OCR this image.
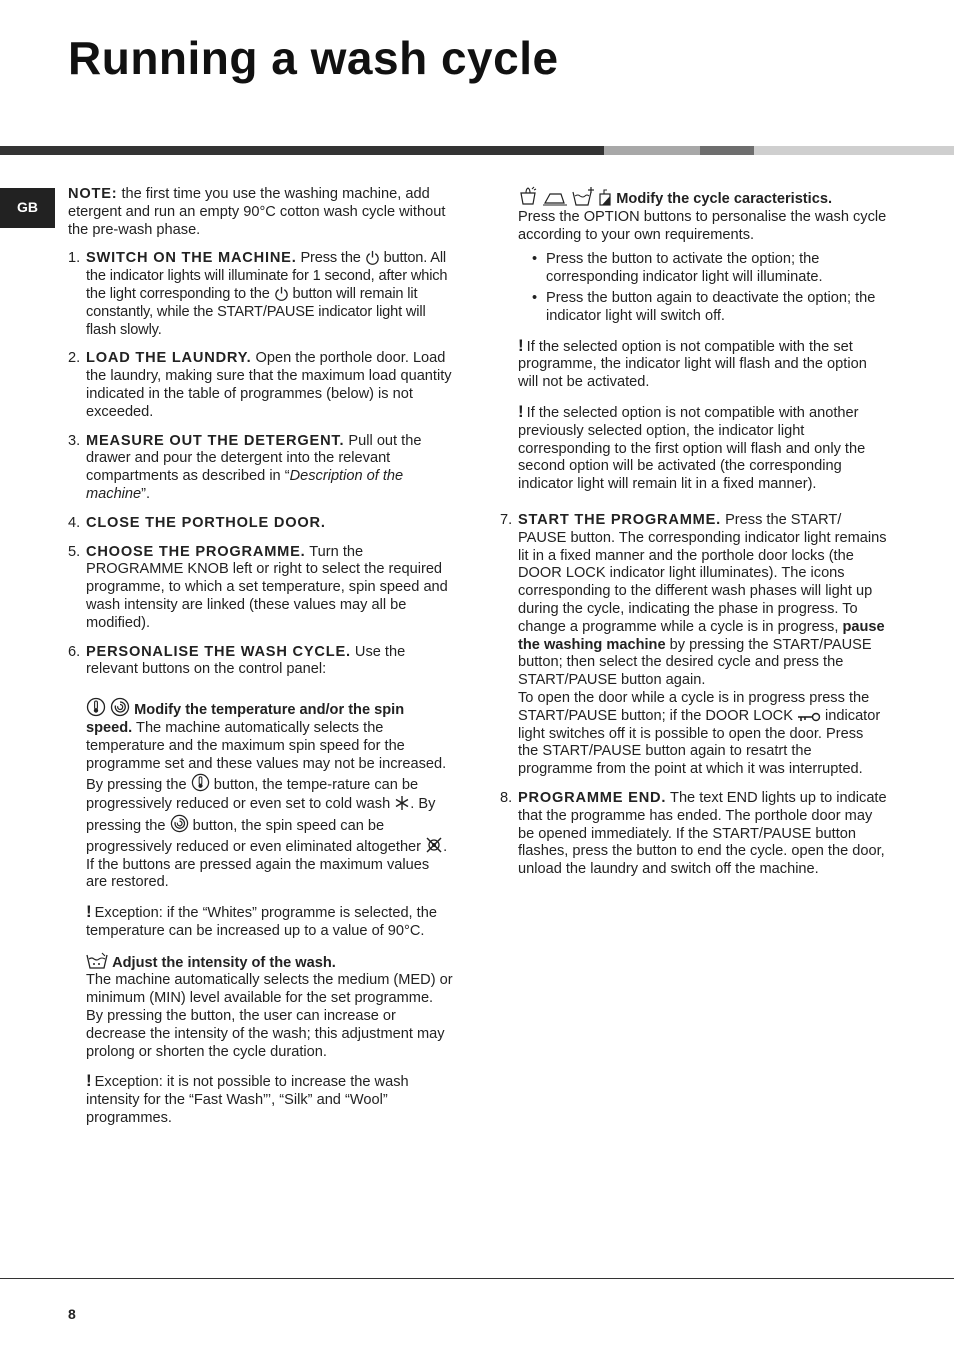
Running a wash cycle
GB

NOTE: the first time you use the washing machine, add etergent and run an empty 90°C cotton wash cycle without the pre-wash phase.

1. SWITCH ON THE MACHINE. Press the  button. All the indicator lights will illuminate for 1 second, after which the light corresponding to the  button will remain lit constantly, while the START/PAUSE indicator light will flash slowly.
2. LOAD THE LAUNDRY. Open the porthole door. Load the laundry, making sure that the maximum load quantity indicated in the table of programmes (below) is not exceeded.
3. MEASURE OUT THE DETERGENT. Pull out the drawer and pour the detergent into the relevant compartments as described in “Description of the machine”.
4. CLOSE THE PORTHOLE DOOR.
5. CHOOSE THE PROGRAMME. Turn the PROGRAMME KNOB left or right to select the required programme, to which a set temperature, spin speed and wash intensity are linked (these values may all be modified).
6. PERSONALISE THE WASH CYCLE. Use the relevant buttons on the control panel:

Modify the temperature and/or the spin speed. The machine automatically selects the temperature and the maximum spin speed for the programme set and these values may not be increased. By pressing the  button, the tempe-rature can be progressively reduced or even set to cold wash . By pressing the  button, the spin speed can be progressively reduced or even eliminated altogether . If the buttons are pressed again the maximum values are restored.

! Exception: if the “Whites” programme is selected, the temperature can be increased up to a value of 90°C.

Adjust the intensity of the wash.
The machine automatically selects the medium (MED) or minimum (MIN) level available for the set programme. By pressing the button, the user can increase or decrease the intensity of the wash; this adjustment may prolong or shorten the cycle duration.

! Exception: it is not possible to increase the wash intensity for the “Fast Wash”’, “Silk” and “Wool” programmes.

Modify the cycle caracteristics.

Press the OPTION buttons to personalise the wash cycle according to your own requirements.

• Press the button to activate the option; the corresponding indicator light will illuminate.
• Press the button again to deactivate the option; the indicator light will switch off.

! If the selected option is not compatible with the set programme, the indicator light will flash and the option will not be activated.

! If the selected option is not compatible with another previously selected option, the indicator light corresponding to the first option will flash and only the second option will be activated (the corresponding indicator light will remain lit in a fixed manner).

7. START THE PROGRAMME. Press the START/ PAUSE button. The corresponding indicator light remains lit in a fixed manner and the porthole door locks (the DOOR LOCK indicator light illuminates). The icons corresponding to the different wash phases will light up during the cycle, indicating the phase in progress. To change a programme while a cycle is in progress, pause the washing machine by pressing the START/PAUSE button; then select the desired cycle and press the START/PAUSE button again.
To open the door while a cycle is in progress press the START/PAUSE button; if the DOOR LOCK  indicator light switches off it is possible to open the door. Press the START/PAUSE button again to resatrt the programme from the point at which it was interrupted.
8. PROGRAMME END. The text END lights up to indicate that the programme has ended. The porthole door may be opened immediately. If the START/PAUSE button flashes, press the button to end the cycle. open the door, unload the laundry and switch off the machine.
8
